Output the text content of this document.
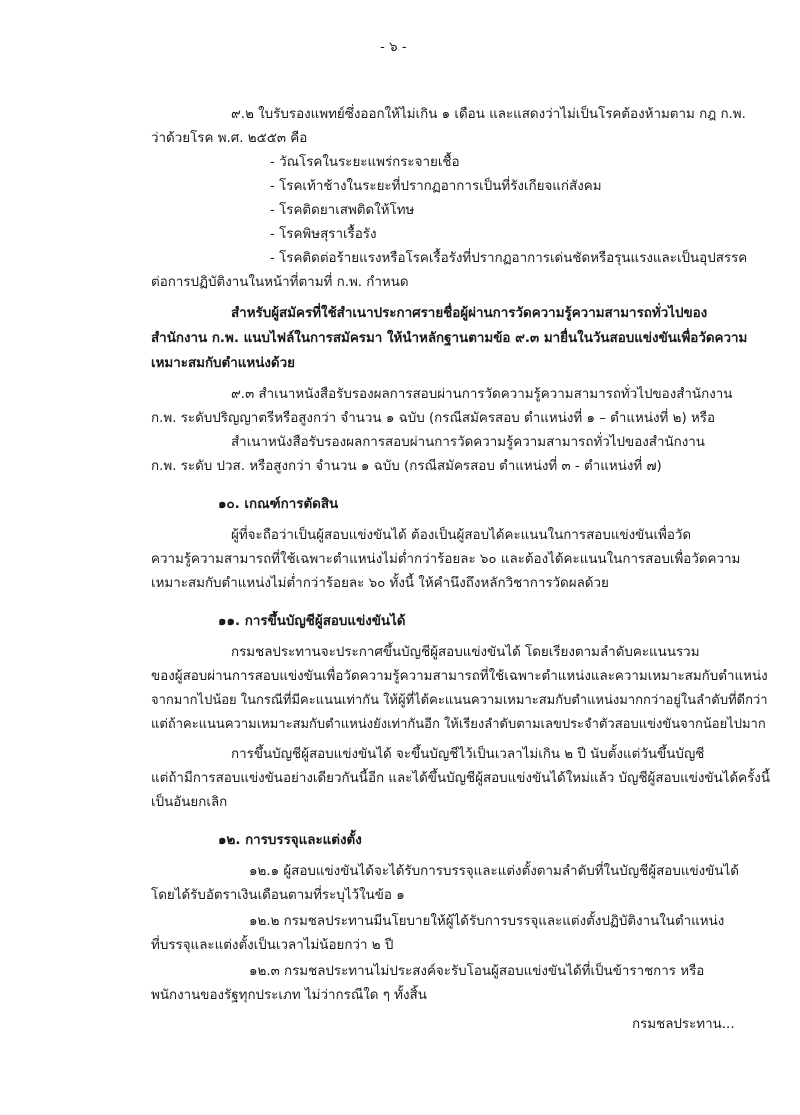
- ๖ -
๙.๒ ใบรับรองแพทย์ซึ่งออกให้ไม่เกิน ๑ เดือน และแสดงว่าไม่เป็นโรคต้องห้ามตาม กฎ ก.พ.
ว่าด้วยโรค พ.ศ. ๒๕๕๓ คือ
- วัณโรคในระยะแพร่กระจายเชื้อ
- โรคเท้าช้างในระยะที่ปรากฏอาการเป็นที่รังเกียจแก่สังคม
- โรคติดยาเสพติดให้โทษ
- โรคพิษสุราเรื้อรัง
- โรคติดต่อร้ายแรงหรือโรคเรื้อรังที่ปรากฏอาการเด่นชัดหรือรุนแรงและเป็นอุปสรรค
ต่อการปฏิบัติงานในหน้าที่ตามที่ ก.พ. กำหนด
สำหรับผู้สมัครที่ใช้สำเนาประกาศรายชื่อผู้ผ่านการวัดความรู้ความสามารถทั่วไปของ
สำนักงาน ก.พ. แนบไฟล์ในการสมัครมา ให้นำหลักฐานตามข้อ ๙.๓ มายื่นในวันสอบแข่งขันเพื่อวัดความ
เหมาะสมกับตำแหน่งด้วย
๙.๓ สำเนาหนังสือรับรองผลการสอบผ่านการวัดความรู้ความสามารถทั่วไปของสำนักงาน
ก.พ. ระดับปริญญาตรีหรือสูงกว่า จำนวน ๑ ฉบับ (กรณีสมัครสอบ ตำแหน่งที่ ๑ – ตำแหน่งที่ ๒) หรือ
สำเนาหนังสือรับรองผลการสอบผ่านการวัดความรู้ความสามารถทั่วไปของสำนักงาน
ก.พ. ระดับ ปวส. หรือสูงกว่า จำนวน ๑ ฉบับ (กรณีสมัครสอบ ตำแหน่งที่ ๓ - ตำแหน่งที่ ๗)
๑๐. เกณฑ์การตัดสิน
ผู้ที่จะถือว่าเป็นผู้สอบแข่งขันได้ ต้องเป็นผู้สอบได้คะแนนในการสอบแข่งขันเพื่อวัด
ความรู้ความสามารถที่ใช้เฉพาะตำแหน่งไม่ต่ำกว่าร้อยละ ๖๐ และต้องได้คะแนนในการสอบเพื่อวัดความ
เหมาะสมกับตำแหน่งไม่ต่ำกว่าร้อยละ ๖๐ ทั้งนี้ ให้คำนึงถึงหลักวิชาการวัดผลด้วย
๑๑. การขึ้นบัญชีผู้สอบแข่งขันได้
กรมชลประทานจะประกาศขึ้นบัญชีผู้สอบแข่งขันได้ โดยเรียงตามลำดับคะแนนรวม
ของผู้สอบผ่านการสอบแข่งขันเพื่อวัดความรู้ความสามารถที่ใช้เฉพาะตำแหน่งและความเหมาะสมกับตำแหน่ง
จากมากไปน้อย ในกรณีที่มีคะแนนเท่ากัน ให้ผู้ที่ได้คะแนนความเหมาะสมกับตำแหน่งมากกว่าอยู่ในลำดับที่ดีกว่า
แต่ถ้าคะแนนความเหมาะสมกับตำแหน่งยังเท่ากันอีก ให้เรียงลำดับตามเลขประจำตัวสอบแข่งขันจากน้อยไปมาก
การขึ้นบัญชีผู้สอบแข่งขันได้ จะขึ้นบัญชีไว้เป็นเวลาไม่เกิน ๒ ปี นับตั้งแต่วันขึ้นบัญชี
แต่ถ้ามีการสอบแข่งขันอย่างเดียวกันนี้อีก และได้ขึ้นบัญชีผู้สอบแข่งขันได้ใหม่แล้ว บัญชีผู้สอบแข่งขันได้ครั้งนี้
เป็นอันยกเลิก
๑๒. การบรรจุและแต่งตั้ง
๑๒.๑ ผู้สอบแข่งขันได้จะได้รับการบรรจุและแต่งตั้งตามลำดับที่ในบัญชีผู้สอบแข่งขันได้
โดยได้รับอัตราเงินเดือนตามที่ระบุไว้ในข้อ ๑
๑๒.๒ กรมชลประทานมีนโยบายให้ผู้ได้รับการบรรจุและแต่งตั้งปฏิบัติงานในตำแหน่ง
ที่บรรจุและแต่งตั้งเป็นเวลาไม่น้อยกว่า ๒ ปี
๑๒.๓ กรมชลประทานไม่ประสงค์จะรับโอนผู้สอบแข่งขันได้ที่เป็นข้าราชการ หรือ
พนักงานของรัฐทุกประเภท ไม่ว่ากรณีใด ๆ ทั้งสิ้น
กรมชลประทาน...
